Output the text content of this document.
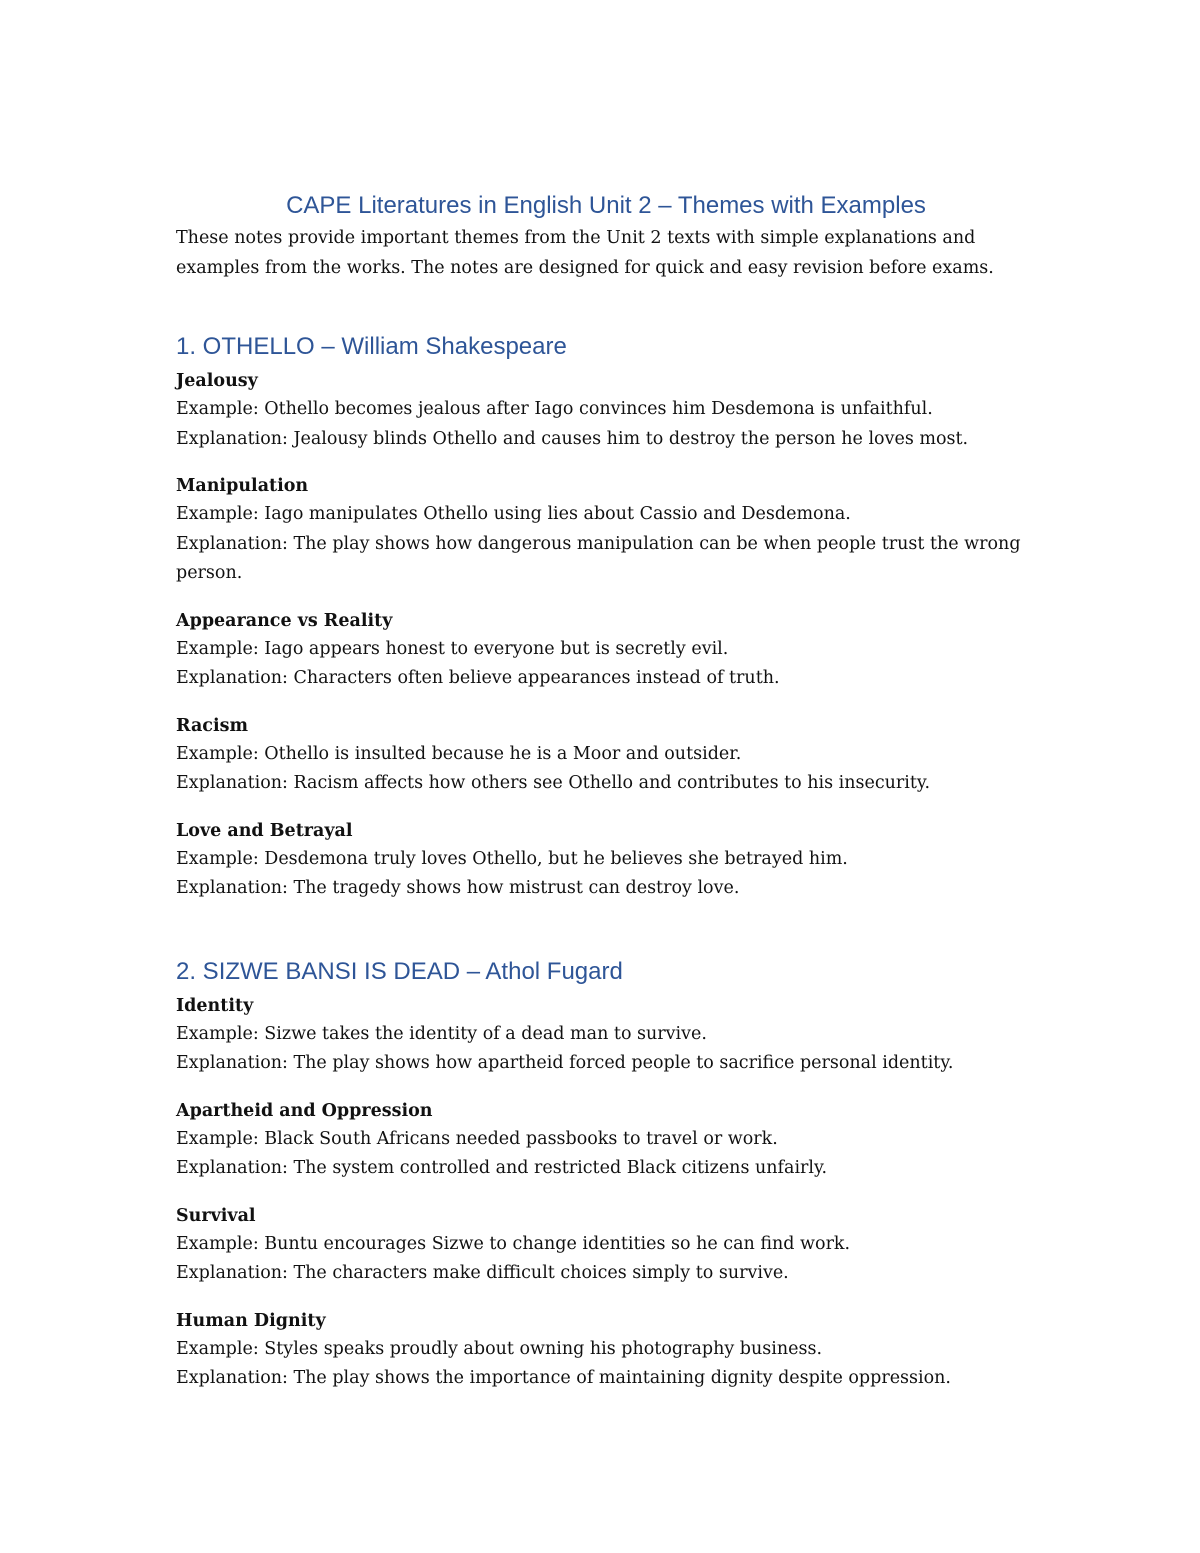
CAPE Literatures in English Unit 2 – Themes with Examples

These notes provide important themes from the Unit 2 texts with simple explanations and examples from the works. The notes are designed for quick and easy revision before exams.

1. OTHELLO – William Shakespeare

Jealousy

Example: Othello becomes jealous after Iago convinces him Desdemona is unfaithful.

Explanation: Jealousy blinds Othello and causes him to destroy the person he loves most.

Manipulation

Example: Iago manipulates Othello using lies about Cassio and Desdemona.

Explanation: The play shows how dangerous manipulation can be when people trust the wrong person.

Appearance vs Reality

Example: Iago appears honest to everyone but is secretly evil.

Explanation: Characters often believe appearances instead of truth.

Racism

Example: Othello is insulted because he is a Moor and outsider.

Explanation: Racism affects how others see Othello and contributes to his insecurity.

Love and Betrayal

Example: Desdemona truly loves Othello, but he believes she betrayed him.

Explanation: The tragedy shows how mistrust can destroy love.

2. SIZWE BANSI IS DEAD – Athol Fugard

Identity

Example: Sizwe takes the identity of a dead man to survive.

Explanation: The play shows how apartheid forced people to sacrifice personal identity.

Apartheid and Oppression

Example: Black South Africans needed passbooks to travel or work.

Explanation: The system controlled and restricted Black citizens unfairly.

Survival

Example: Buntu encourages Sizwe to change identities so he can find work.

Explanation: The characters make difficult choices simply to survive.

Human Dignity

Example: Styles speaks proudly about owning his photography business.

Explanation: The play shows the importance of maintaining dignity despite oppression.
